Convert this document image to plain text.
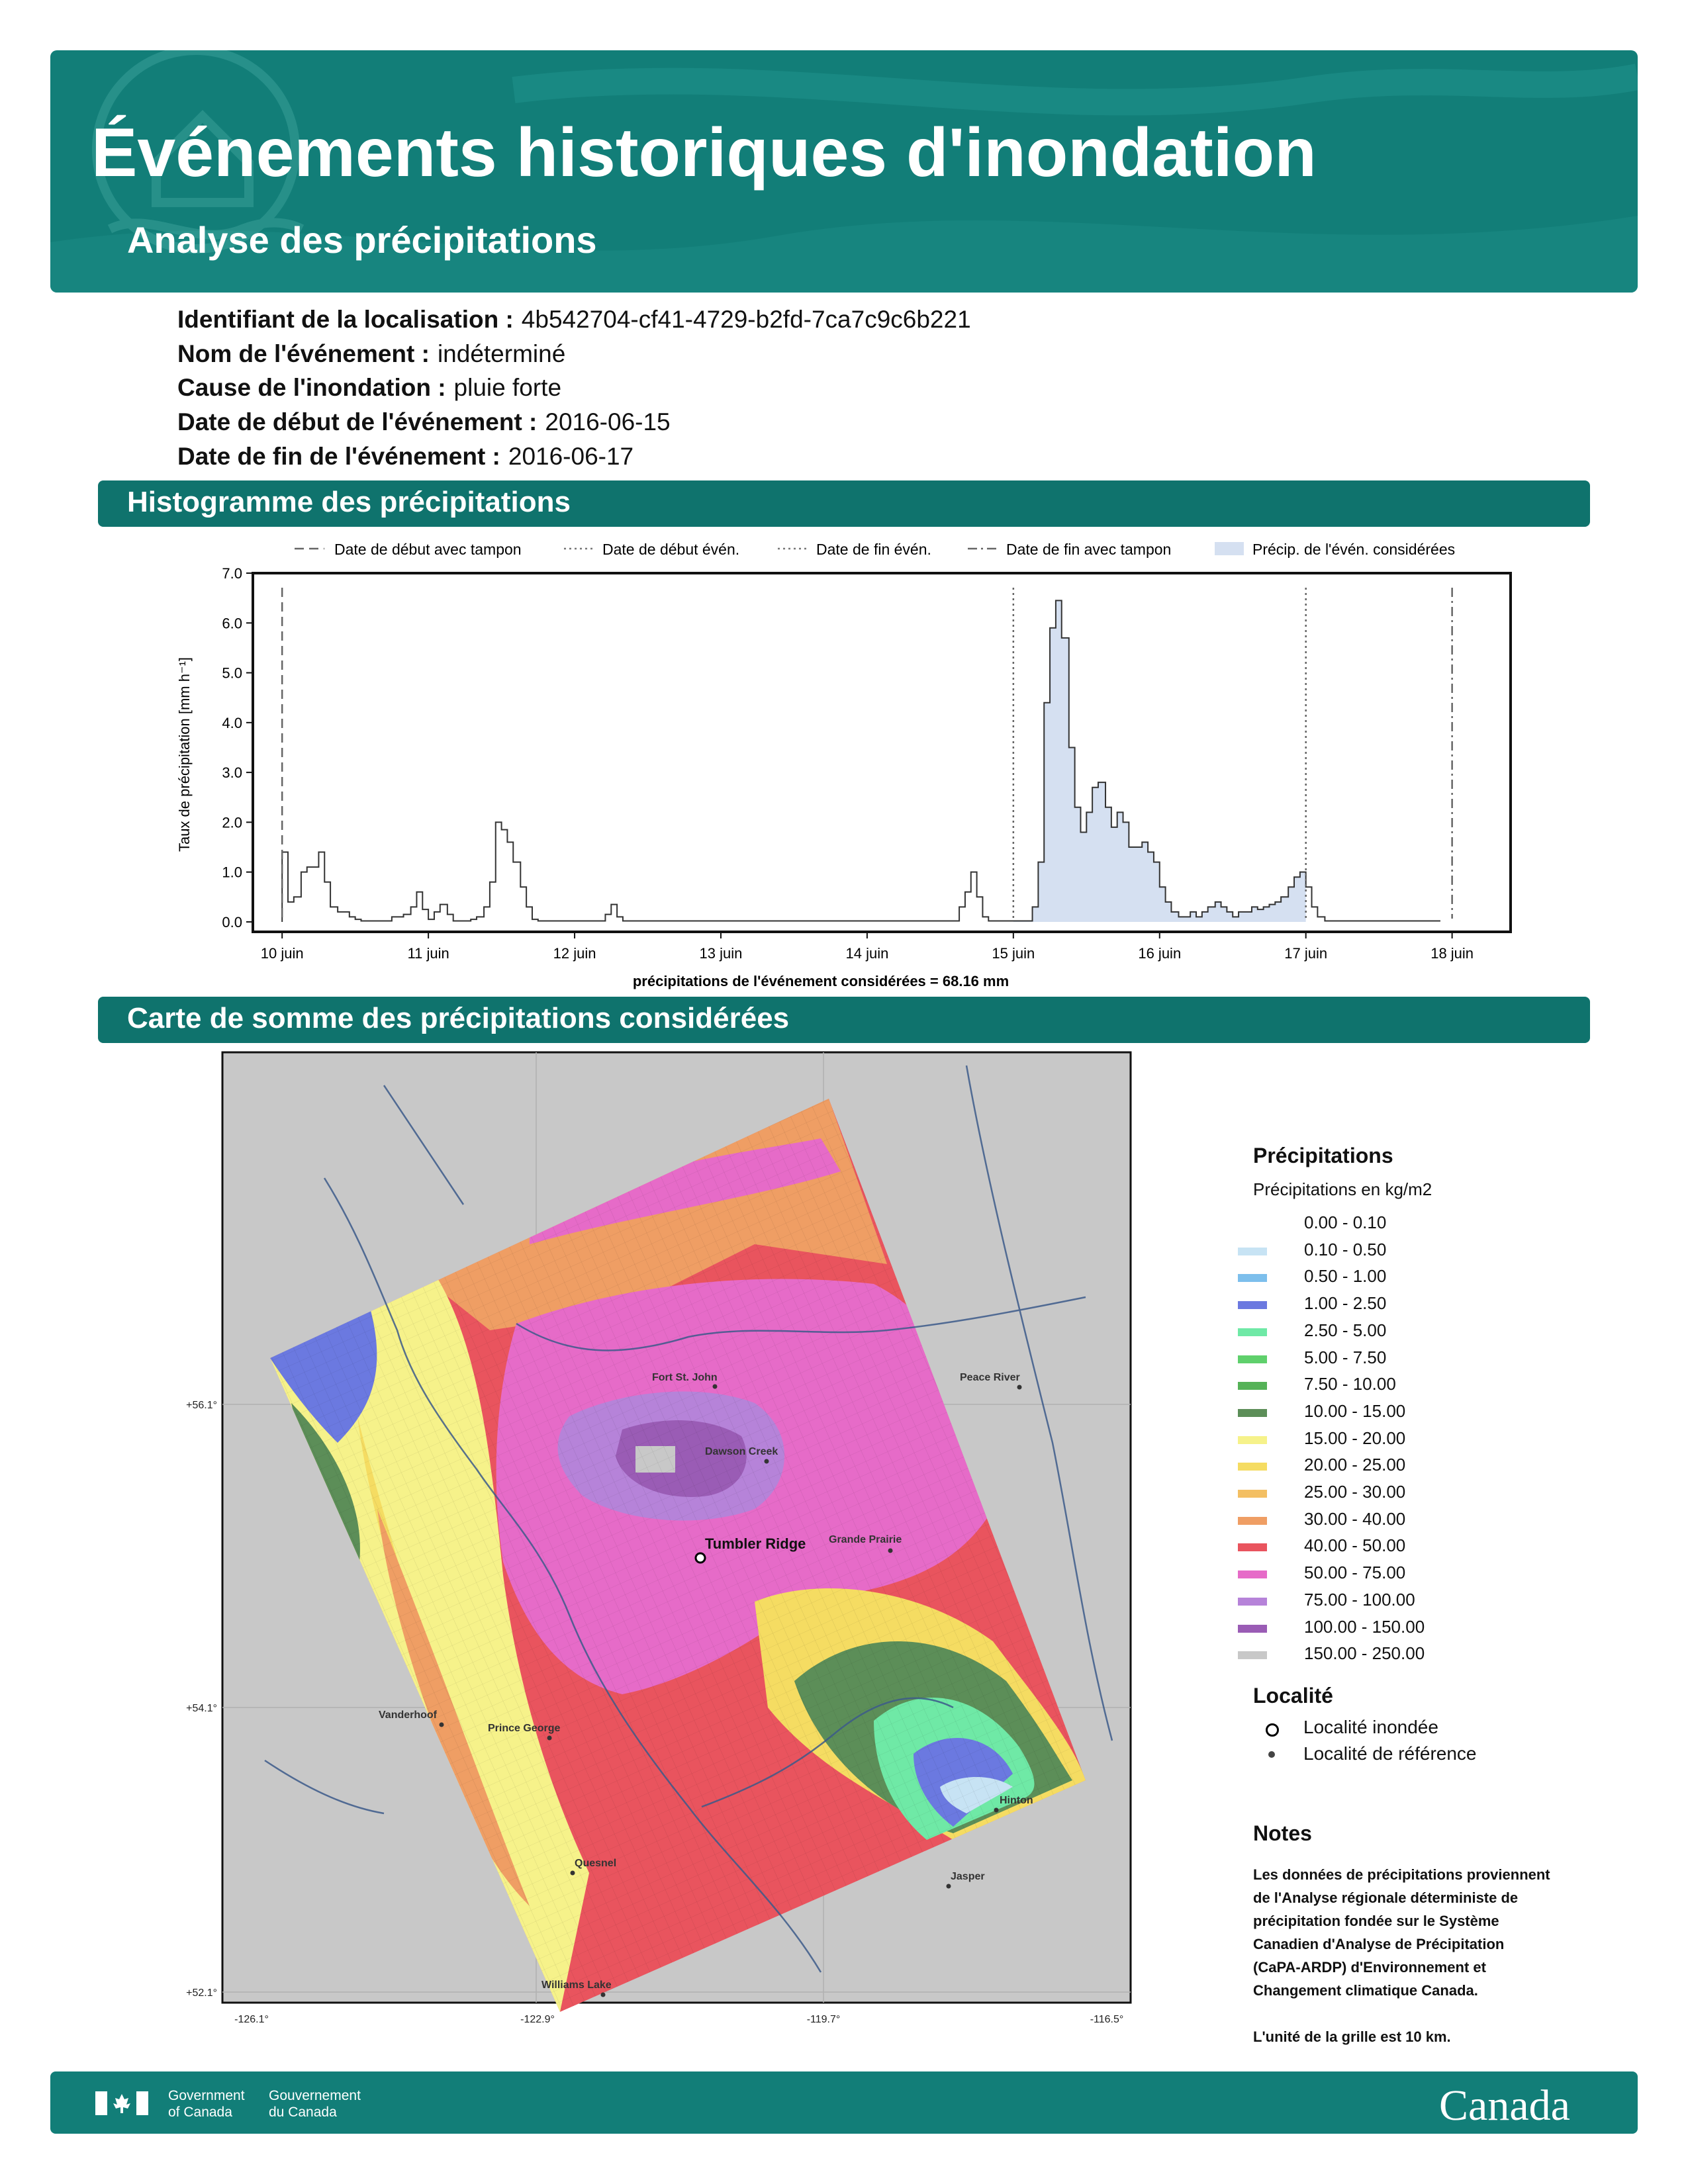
Événements historiques d'inondation
Analyse des précipitations
Identifiant de la localisation : 4b542704-cf41-4729-b2fd-7ca7c9c6b221
Nom de l'événement : indéterminé
Cause de l'inondation : pluie forte
Date de début de l'événement : 2016-06-15
Date de fin de l'événement : 2016-06-17
Histogramme des précipitations
Date de début avec tampon	Date de début évén.	Date de fin évén.	Date de fin avec tampon	Précip. de l'évén. considérées
0.0
1.0
2.0
3.0
4.0
5.0
6.0
7.0
10 juin	11 juin	12 juin	13 juin	14 juin	15 juin	16 juin	17 juin	18 juin
Taux de précipitation [mm h⁻¹]
précipitations de l'événement considérées = 68.16 mm
Carte de somme des précipitations considérées
Fort St. John	Peace River
Dawson Creek
Tumbler Ridge Grande Prairie
Vanderhoof
Prince George
Hinton
Quesnel
Jasper
Williams Lake
+56.1°
+54.1°
+52.1°
-126.1°	-122.9°	-119.7°	-116.5°
Précipitations
Précipitations en kg/m2
0.00 - 0.10
0.10 - 0.50
0.50 - 1.00
1.00 - 2.50
2.50 - 5.00
5.00 - 7.50
7.50 - 10.00
10.00 - 15.00
15.00 - 20.00
20.00 - 25.00
25.00 - 30.00
30.00 - 40.00
40.00 - 50.00
50.00 - 75.00
75.00 - 100.00
100.00 - 150.00
150.00 - 250.00
Localité
Localité inondée
Localité de référence
Notes
Les données de précipitations proviennent
de l'Analyse régionale déterministe de
précipitation fondée sur le Système
Canadien d'Analyse de Précipitation
(CaPA-ARDP) d'Environnement et
Changement climatique Canada.
L'unité de la grille est 10 km.
Government
of Canada
Gouvernement
du Canada	Canada
